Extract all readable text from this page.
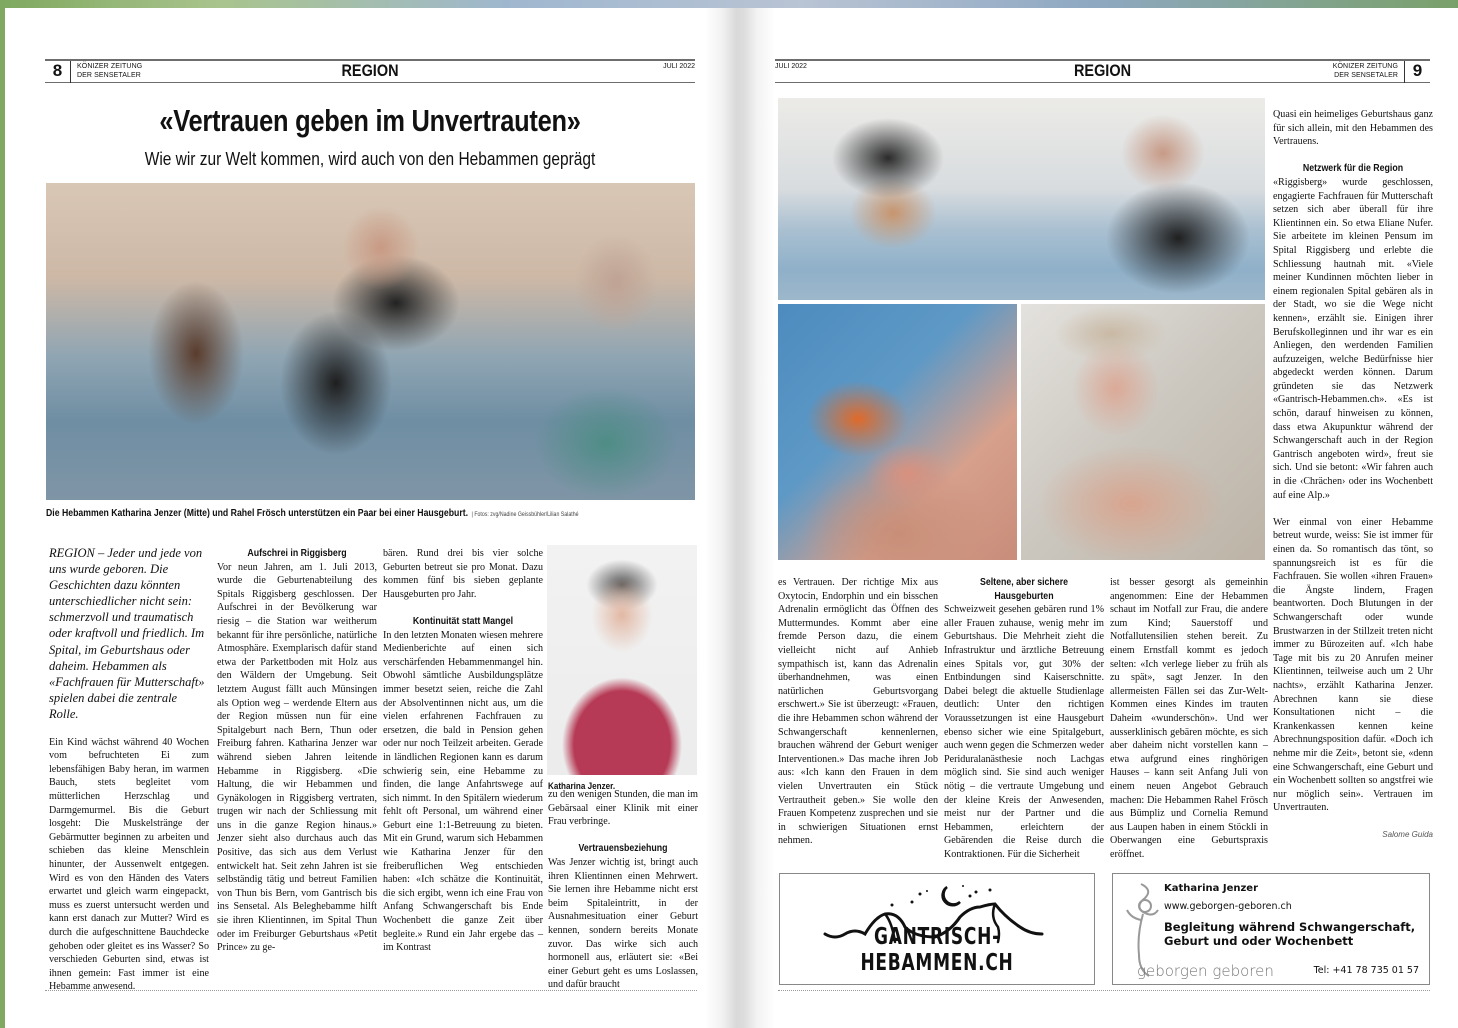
8	KÖNIZER ZEITUNG
DER SENSETALER	REGION	JULI 2022
«Vertrauen geben im Unvertrauten»
Wie wir zur Welt kommen, wird auch von den Hebammen geprägt
Die Hebammen Katharina Jenzer (Mitte) und Rahel Frösch unterstützen ein Paar bei einer Hausgeburt. | Fotos: zvg/Nadine Geissbühler/Lilian Salathé

REGION – Jeder und jede von uns wurde geboren. Die Geschichten dazu könnten unterschiedlicher nicht sein: schmerzvoll und traumatisch oder kraftvoll und friedlich. Im Spital, im Geburtshaus oder daheim. Hebammen als «Fachfrauen für Mutterschaft» spielen dabei die zentrale Rolle.

Ein Kind wächst während 40 Wochen vom befruchteten Ei zum lebensfähigen Baby heran, im warmen Bauch, stets begleitet vom mütterlichen Herzschlag und Darmgemurmel. Bis die Geburt losgeht: Die Muskelstränge der Gebärmutter beginnen zu arbeiten und schieben das kleine Menschlein hinunter, der Aussenwelt entgegen. Wird es von den Händen des Vaters erwartet und gleich warm eingepackt, muss es zuerst untersucht werden und kann erst danach zur Mutter? Wird es durch die aufgeschnittene Bauchdecke gehoben oder gleitet es ins Wasser? So verschieden Geburten sind, etwas ist ihnen gemein: Fast immer ist eine Hebamme anwesend.

Aufschrei in Riggisberg

Vor neun Jahren, am 1. Juli 2013, wurde die Geburtenabteilung des Spitals Riggisberg geschlossen. Der Aufschrei in der Bevölkerung war riesig – die Station war weitherum bekannt für ihre persönliche, natürliche Atmosphäre. Exemplarisch dafür stand etwa der Parkettboden mit Holz aus den Wäldern der Umgebung. Seit letztem August fällt auch Münsingen als Option weg – werdende Eltern aus der Region müssen nun für eine Spitalgeburt nach Bern, Thun oder Freiburg fahren. Katharina Jenzer war während sieben Jahren leitende Hebamme in Riggisberg. «Die Haltung, die wir Hebammen und Gynäkologen in Riggisberg vertraten, trugen wir nach der Schliessung mit uns in die ganze Region hinaus.» Jenzer sieht also durchaus auch das Positive, das sich aus dem Verlust entwickelt hat. Seit zehn Jahren ist sie selbständig tätig und betreut Familien von Thun bis Bern, vom Gantrisch bis ins Sensetal. Als Beleghebamme hilft sie ihren Klientinnen, im Spital Thun oder im Freiburger Geburtshaus «Petit Prince» zu ge-

bären. Rund drei bis vier solche Geburten betreut sie pro Monat. Dazu kommen fünf bis sieben geplante Hausgeburten pro Jahr.

Kontinuität statt Mangel

In den letzten Monaten wiesen mehrere Medienberichte auf einen sich verschärfenden Hebammenmangel hin. Obwohl sämtliche Ausbildungsplätze immer besetzt seien, reiche die Zahl der Absolventinnen nicht aus, um die vielen erfahrenen Fachfrauen zu ersetzen, die bald in Pension gehen oder nur noch Teilzeit arbeiten. Gerade in ländlichen Regionen kann es darum schwierig sein, eine Hebamme zu finden, die lange Anfahrtswege auf sich nimmt. In den Spitälern wiederum fehlt oft Personal, um während einer Geburt eine 1:1-Betreuung zu bieten. Mit ein Grund, warum sich Hebammen wie Katharina Jenzer für den freiberuflichen Weg entschieden haben: «Ich schätze die Kontinuität, die sich ergibt, wenn ich eine Frau von Anfang Schwangerschaft bis Ende Wochenbett die ganze Zeit über begleite.» Rund ein Jahr ergebe das – im Kontrast

Katharina Jenzer.

zu den wenigen Stunden, die man im Gebärsaal einer Klinik mit einer Frau verbringe.

Vertrauensbeziehung

Was Jenzer wichtig ist, bringt auch ihren Klientinnen einen Mehrwert. Sie lernen ihre Hebamme nicht erst beim Spitaleintritt, in der Ausnahmesituation einer Geburt kennen, sondern bereits Monate zuvor. Das wirke sich auch hormonell aus, erläutert sie: «Bei einer Geburt geht es ums Loslassen, und dafür braucht

JULI 2022	REGION	KÖNIZER ZEITUNG
DER SENSETALER 9

Quasi ein heimeliges Geburtshaus ganz für sich allein, mit den Hebammen des Vertrauens.

Netzwerk für die Region

«Riggisberg» wurde geschlossen, engagierte Fachfrauen für Mutterschaft setzen sich aber überall für ihre Klientinnen ein. So etwa Eliane Nufer. Sie arbeitete im kleinen Pensum im Spital Riggisberg und erlebte die Schliessung hautnah mit. «Viele meiner Kundinnen möchten lieber in einem regionalen Spital gebären als in der Stadt, wo sie die Wege nicht kennen», erzählt sie. Einigen ihrer Berufskolleginnen und ihr war es ein Anliegen, den werdenden Familien aufzuzeigen, welche Bedürfnisse hier abgedeckt werden können. Darum gründeten sie das Netzwerk «Gantrisch-Hebammen.ch». «Es ist schön, darauf hinweisen zu können, dass etwa Akupunktur während der Schwangerschaft auch in der Region Gantrisch angeboten wird», freut sie sich. Und sie betont: «Wir fahren auch in die ‹Chrächen› oder ins Wochenbett auf eine Alp.»

Wer einmal von einer Hebamme betreut wurde, weiss: Sie ist immer für einen da. So romantisch das tönt, so spannungsreich ist es für die Fachfrauen. Sie wollen «ihren Frauen» die Ängste lindern, Fragen beantworten. Doch Blutungen in der Schwangerschaft oder wunde Brustwarzen in der Stillzeit treten nicht immer zu Bürozeiten auf. «Ich habe Tage mit bis zu 20 Anrufen meiner Klientinnen, teilweise auch um 2 Uhr nachts», erzählt Katharina Jenzer. Abrechnen kann sie diese Konsultationen nicht – die Krankenkassen kennen keine Abrechnungsposition dafür. «Doch ich nehme mir die Zeit», betont sie, «denn eine Schwangerschaft, eine Geburt und ein Wochenbett sollten so angstfrei wie nur möglich sein». Vertrauen im Unvertrauten.

Salome Guida

es Vertrauen. Der richtige Mix aus Oxytocin, Endorphin und ein bisschen Adrenalin ermöglicht das Öffnen des Muttermundes. Kommt aber eine fremde Person dazu, die einem vielleicht nicht auf Anhieb sympathisch ist, kann das Adrenalin überhandnehmen, was einen natürlichen Geburtsvorgang erschwert.» Sie ist überzeugt: «Frauen, die ihre Hebammen schon während der Schwangerschaft kennenlernen, brauchen während der Geburt weniger Interventionen.» Das mache ihren Job aus: «Ich kann den Frauen in dem vielen Unvertrauten ein Stück Vertrautheit geben.» Sie wolle den Frauen Kompetenz zusprechen und sie in schwierigen Situationen ernst nehmen.

Seltene, aber sichere Hausgeburten

Schweizweit gesehen gebären rund 1% aller Frauen zuhause, wenig mehr im Geburtshaus. Die Mehrheit zieht die Infrastruktur und ärztliche Betreuung eines Spitals vor, gut 30% der Entbindungen sind Kaiserschnitte. Dabei belegt die aktuelle Studienlage deutlich: Unter den richtigen Voraussetzungen ist eine Hausgeburt ebenso sicher wie eine Spitalgeburt, auch wenn gegen die Schmerzen weder Periduralanästhesie noch Lachgas möglich sind. Sie sind auch weniger nötig – die vertraute Umgebung und der kleine Kreis der Anwesenden, meist nur der Partner und die Hebammen, erleichtern der Gebärenden die Reise durch die Kontraktionen. Für die Sicherheit

ist besser gesorgt als gemeinhin angenommen: Eine der Hebammen schaut im Notfall zur Frau, die andere zum Kind; Sauerstoff und Notfallutensilien stehen bereit. Zu einem Ernstfall kommt es jedoch selten: «Ich verlege lieber zu früh als zu spät», sagt Jenzer. In den allermeisten Fällen sei das Zur-Welt-Kommen eines Kindes im trauten Daheim «wunderschön». Und wer ausserklinisch gebären möchte, es sich aber daheim nicht vorstellen kann – etwa aufgrund eines ringhörigen Hauses – kann seit Anfang Juli von einem neuen Angebot Gebrauch machen: Die Hebammen Rahel Frösch aus Bümpliz und Cornelia Remund aus Laupen haben in einem Stöckli in Oberwangen eine Geburtspraxis eröffnet.

GANTRISCH-HEBAMMEN.CH
Katharina Jenzer
www.geborgen-geboren.ch
Begleitung während Schwangerschaft,
Geburt und oder Wochenbett
geborgen geboren	Tel: +41 78 735 01 57
